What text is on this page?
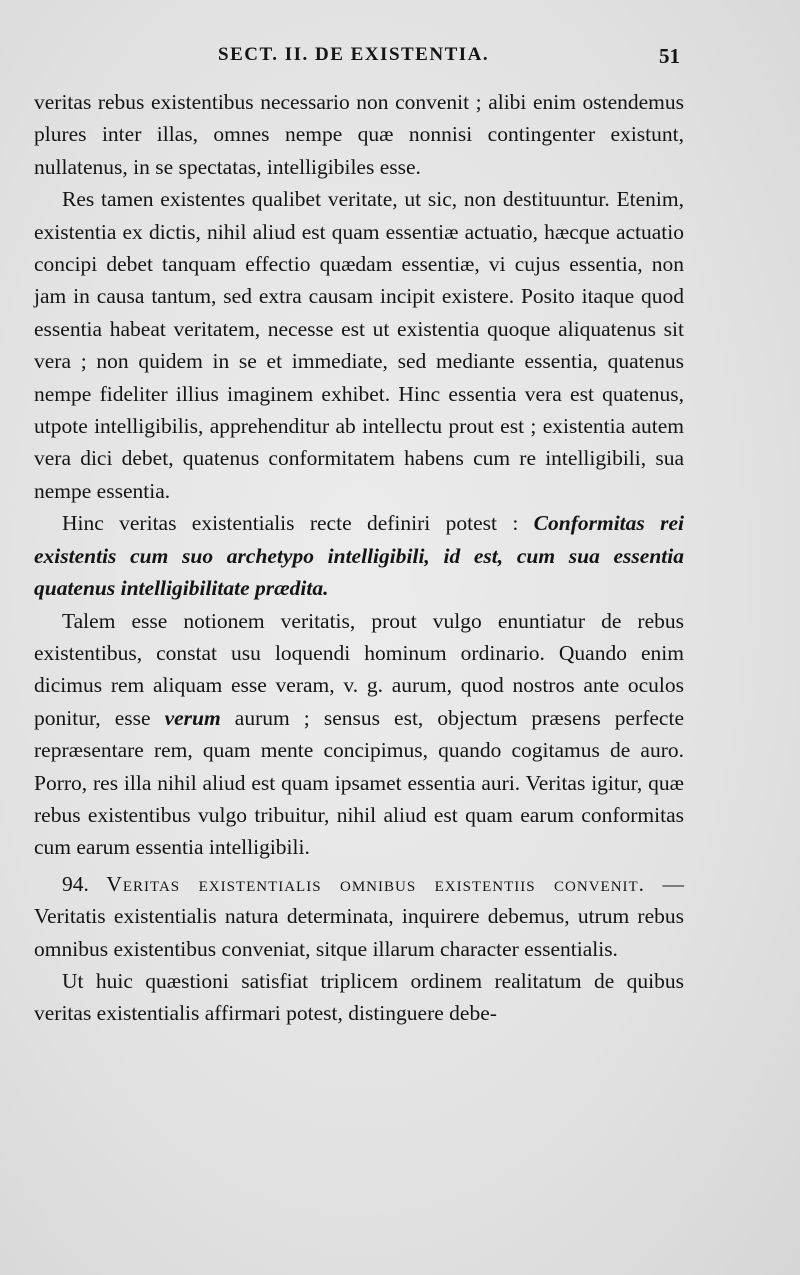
SECT. II. DE EXISTENTIA.	51

veritas rebus existentibus necessario non convenit ; alibi enim ostendemus plures inter illas, omnes nempe quæ nonnisi contingenter existunt, nullatenus, in se spectatas, intelligibiles esse.

Res tamen existentes qualibet veritate, ut sic, non destituuntur. Etenim, existentia ex dictis, nihil aliud est quam essentiæ actuatio, hæcque actuatio concipi debet tanquam effectio quædam essentiæ, vi cujus essentia, non jam in causa tantum, sed extra causam incipit existere. Posito itaque quod essentia habeat veritatem, necesse est ut existentia quoque aliquatenus sit vera ; non quidem in se et immediate, sed mediante essentia, quatenus nempe fideliter illius imaginem exhibet. Hinc essentia vera est quatenus, utpote intelligibilis, apprehenditur ab intellectu prout est ; existentia autem vera dici debet, quatenus conformitatem habens cum re intelligibili, sua nempe essentia.

Hinc veritas existentialis recte definiri potest : Conformitas rei existentis cum suo archetypo intelligibili, id est, cum sua essentia quatenus intelligibilitate prædita.

Talem esse notionem veritatis, prout vulgo enuntiatur de rebus existentibus, constat usu loquendi hominum ordinario. Quando enim dicimus rem aliquam esse veram, v. g. aurum, quod nostros ante oculos ponitur, esse verum aurum ; sensus est, objectum præsens perfecte repræsentare rem, quam mente concipimus, quando cogitamus de auro. Porro, res illa nihil aliud est quam ipsamet essentia auri. Veritas igitur, quæ rebus existentibus vulgo tribuitur, nihil aliud est quam earum conformitas cum earum essentia intelligibili.

94. Veritas existentialis omnibus existentiis convenit. — Veritatis existentialis natura determinata, inquirere debemus, utrum rebus omnibus existentibus conveniat, sitque illarum character essentialis.

Ut huic quæstioni satisfiat triplicem ordinem realitatum de quibus veritas existentialis affirmari potest, distinguere debe-
